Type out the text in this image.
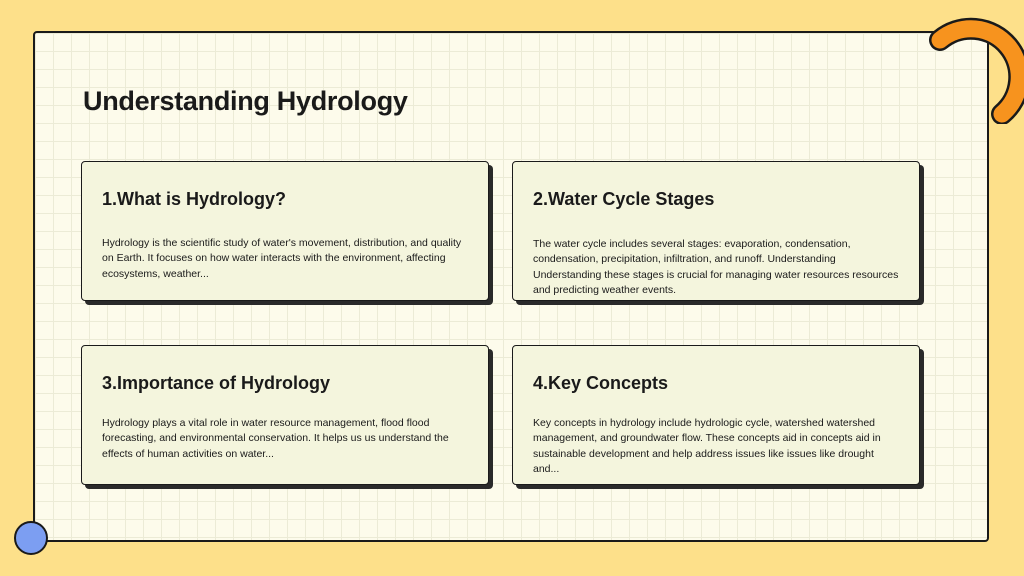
Understanding Hydrology
1.What is Hydrology?
Hydrology is the scientific study of water's movement, distribution, and quality on Earth. It focuses on how water interacts with the environment, affecting ecosystems, weather...
2.Water Cycle Stages
The water cycle includes several stages: evaporation, condensation, condensation, precipitation, infiltration, and runoff. Understanding Understanding these stages is crucial for managing water resources resources and predicting weather events.
3.Importance of Hydrology
Hydrology plays a vital role in water resource management, flood flood forecasting, and environmental conservation. It helps us us understand the effects of human activities on water...
4.Key Concepts
Key concepts in hydrology include hydrologic cycle, watershed watershed management, and groundwater flow. These concepts aid in concepts aid in sustainable development and help address issues like issues like drought and...
